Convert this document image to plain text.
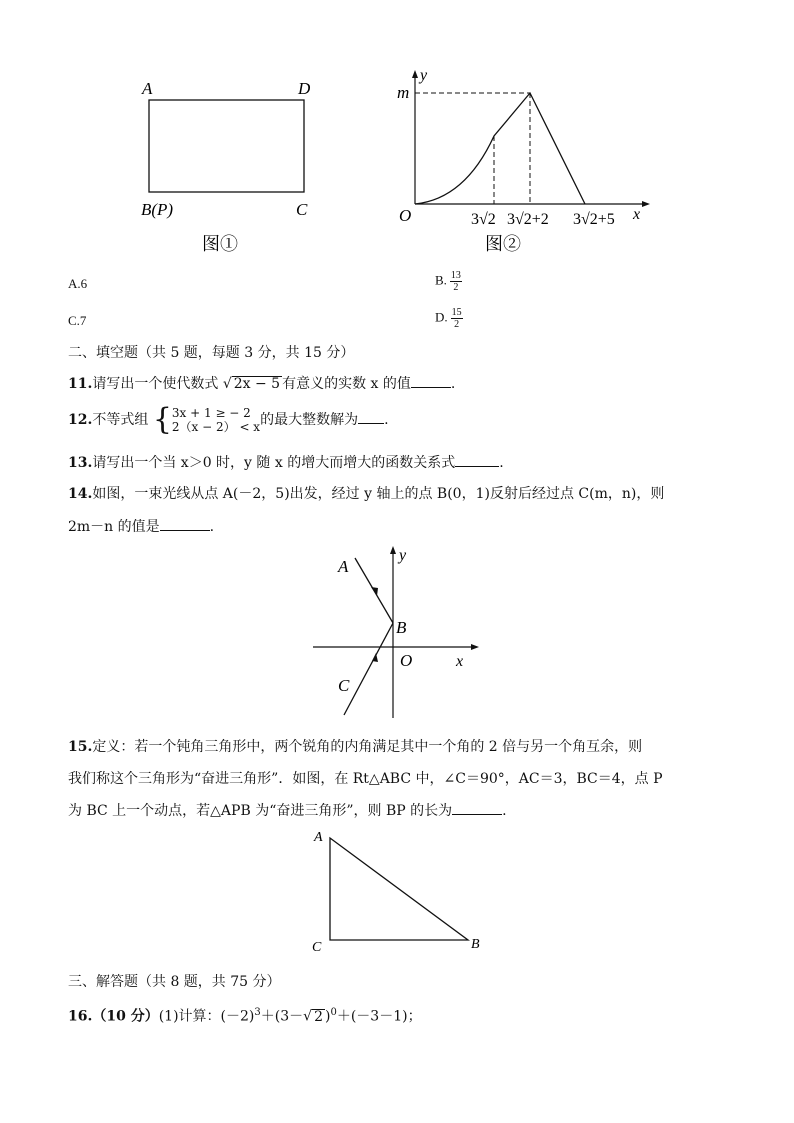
A	D
B(P)	C
图①
y
m
O	x
3√2 3√2+2 3√2+5
图②
A.6	B. $\frac{13}{2}$
C.7	D. $\frac{15}{2}$
二、填空题（共 5 题，每题 3 分，共 15 分）
11.请写出一个使代数式 √ 2x − 5 有意义的实数 x 的值	.
12.不等式组 { 3x + 1 ≥ − 2
2（x − 2） < x 的最大整数解为 .
13.请写出一个当 x＞0 时，y 随 x 的增大而增大的函数关系式	.
14.如图，一束光线从点 A(－2，5)出发，经过 y 轴上的点 B(0，1)反射后经过点 C(m，n)，则
2m－n 的值是	.
A
y
B
O	x
C
15.定义：若一个钝角三角形中，两个锐角的内角满足其中一个角的 2 倍与另一个角互余，则
我们称这个三角形为“奋进三角形”．如图，在 Rt△ABC 中，∠C＝90°，AC＝3，BC＝4，点 P
为 BC 上一个动点，若△APB 为“奋进三角形”，则 BP 的长为	.
A
C	B
三、解答题（共 8 题，共 75 分）
16.（10 分）(1)计算：$(-2)^3+(3-√$ 2 )$^0$＋(－3－1)；
